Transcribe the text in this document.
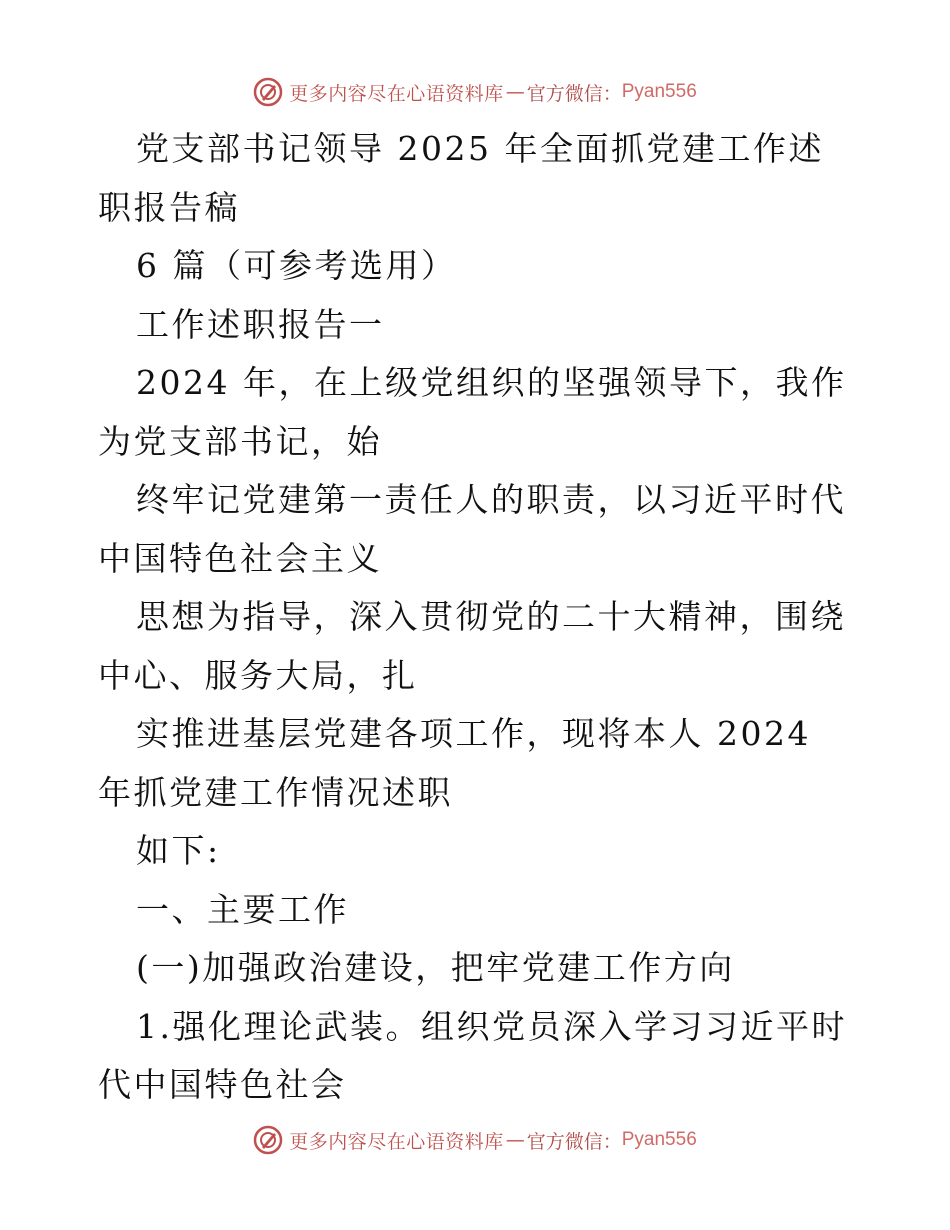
更多内容尽在心语资料库 — 官方微信： Pyan556

党支部书记领导 2025 年全面抓党建工作述职报告稿

6 篇（可参考选用）

工作述职报告一

2024 年，在上级党组织的坚强领导下，我作为党支部书记，始

终牢记党建第一责任人的职责，以习近平时代中国特色社会主义

思想为指导，深入贯彻党的二十大精神，围绕中心、服务大局，扎

实推进基层党建各项工作，现将本人 2024 年抓党建工作情况述职

如下:

一、主要工作

(一)加强政治建设，把牢党建工作方向

1.强化理论武装。组织党员深入学习习近平时代中国特色社会

更多内容尽在心语资料库 — 官方微信： Pyan556
